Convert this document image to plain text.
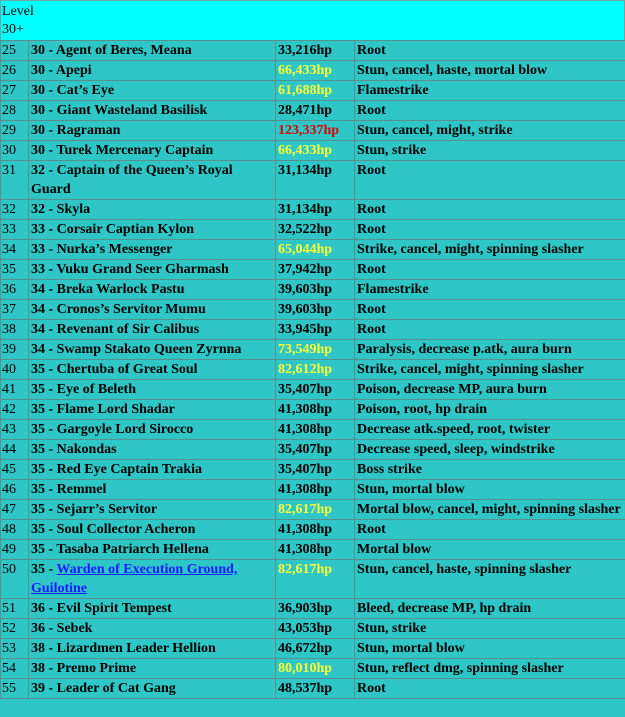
Level
30+
25	30 - Agent of Beres, Meana	33,216hp	Root
26	30 - Apepi	66,433hp	Stun, cancel, haste, mortal blow
27	30 - Cat’s Eye	61,688hp	Flamestrike
28	30 - Giant Wasteland Basilisk	28,471hp	Root
29	30 - Ragraman	123,337hp	Stun, cancel, might, strike
30	30 - Turek Mercenary Captain	66,433hp	Stun, strike
31	32 - Captain of the Queen’s Royal Guard	31,134hp	Root
32	32 - Skyla	31,134hp	Root
33	33 - Corsair Captian Kylon	32,522hp	Root
34	33 - Nurka’s Messenger	65,044hp	Strike, cancel, might, spinning slasher
35	33 - Vuku Grand Seer Gharmash	37,942hp	Root
36	34 - Breka Warlock Pastu	39,603hp	Flamestrike
37	34 - Cronos’s Servitor Mumu	39,603hp	Root
38	34 - Revenant of Sir Calibus	33,945hp	Root
39	34 - Swamp Stakato Queen Zyrnna	73,549hp	Paralysis, decrease p.atk, aura burn
40	35 - Chertuba of Great Soul	82,612hp	Strike, cancel, might, spinning slasher
41	35 - Eye of Beleth	35,407hp	Poison, decrease MP, aura burn
42	35 - Flame Lord Shadar	41,308hp	Poison, root, hp drain
43	35 - Gargoyle Lord Sirocco	41,308hp	Decrease atk.speed, root, twister
44	35 - Nakondas	35,407hp	Decrease speed, sleep, windstrike
45	35 - Red Eye Captain Trakia	35,407hp	Boss strike
46	35 - Remmel	41,308hp	Stun, mortal blow
47	35 - Sejarr’s Servitor	82,617hp	Mortal blow, cancel, might, spinning slasher
48	35 - Soul Collector Acheron	41,308hp	Root
49	35 - Tasaba Patriarch Hellena	41,308hp	Mortal blow
50	35 - Warden of Execution Ground, Guilotine	82,617hp	Stun, cancel, haste, spinning slasher
51	36 - Evil Spirit Tempest	36,903hp	Bleed, decrease MP, hp drain
52	36 - Sebek	43,053hp	Stun, strike
53	38 - Lizardmen Leader Hellion	46,672hp	Stun, mortal blow
54	38 - Premo Prime	80,010hp	Stun, reflect dmg, spinning slasher
55	39 - Leader of Cat Gang	48,537hp	Root
